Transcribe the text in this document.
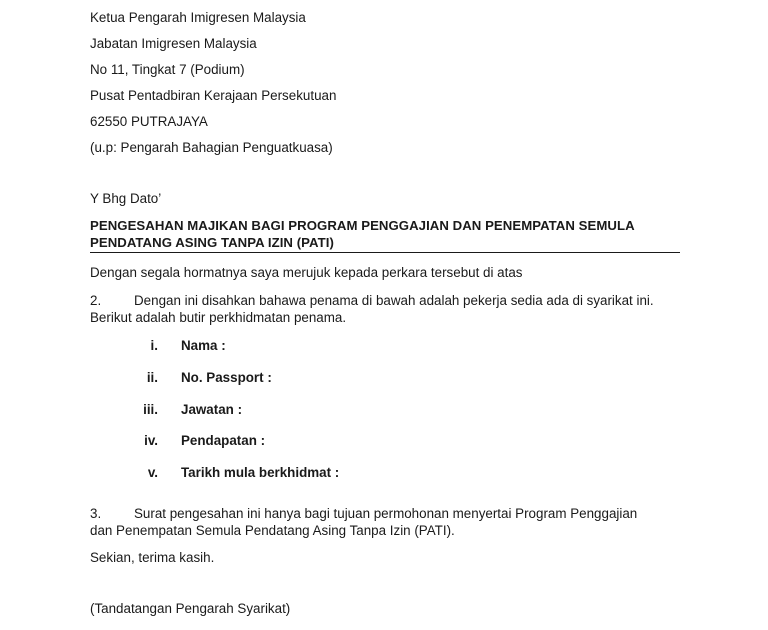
Ketua Pengarah Imigresen Malaysia
Jabatan Imigresen Malaysia
No 11, Tingkat 7 (Podium)
Pusat Pentadbiran Kerajaan Persekutuan
62550 PUTRAJAYA
(u.p: Pengarah Bahagian Penguatkuasa)
Y Bhg Dato’
PENGESAHAN MAJIKAN BAGI PROGRAM PENGGAJIAN DAN PENEMPATAN SEMULA
PENDATANG ASING TANPA IZIN (PATI)
Dengan segala hormatnya saya merujuk kepada perkara tersebut di atas
2. Dengan ini disahkan bahawa penama di bawah adalah pekerja sedia ada di syarikat ini.
Berikut adalah butir perkhidmatan penama.
i. Nama :
ii. No. Passport :
iii. Jawatan :
iv. Pendapatan :
v. Tarikh mula berkhidmat :
3. Surat pengesahan ini hanya bagi tujuan permohonan menyertai Program Penggajian
dan Penempatan Semula Pendatang Asing Tanpa Izin (PATI).
Sekian, terima kasih.
(Tandatangan Pengarah Syarikat)
